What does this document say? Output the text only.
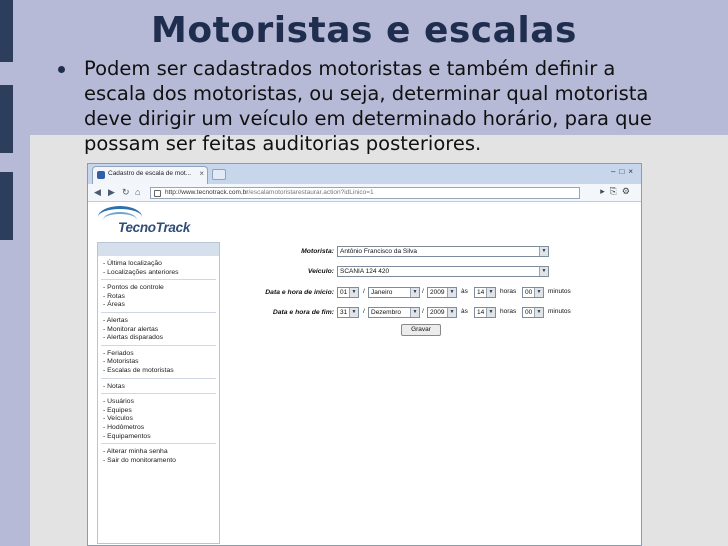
Motoristas e escalas
Podem ser cadastrados motoristas e também definir a escala dos motoristas, ou seja, determinar qual motorista deve dirigir um veículo em determinado horário, para que possam ser feitas auditorias posteriores.
Cadastro de escala de mot... ×	–□×
◀ ▶ ↻ ⌂	http://www.tecnotrack.com.br/escalamotoristarestaurar.action?idLinico=1	▸⎘⚙
TecnoTrack
- Última localização
- Localizações anteriores
- Pontos de controle
- Rotas
- Áreas
- Alertas
- Monitorar alertas
- Alertas disparados
- Feriados
- Motoristas
- Escalas de motoristas
- Notas
- Usuários
- Equipes
- Veículos
- Hodômetros
- Equipamentos
- Alterar minha senha
- Sair do monitoramento
Motorista: Antônio Francisco da Silva	▼
Veículo: SCANIA 124 420	▼
Data e hora de início: 01 ▼ / Janeiro	▼ / 2009	▼ às 14 ▼ horas 00 ▼ minutos
Data e hora de fim: 31 ▼ / Dezembro	▼ / 2009	▼ às 14 ▼ horas 00 ▼ minutos
Gravar
